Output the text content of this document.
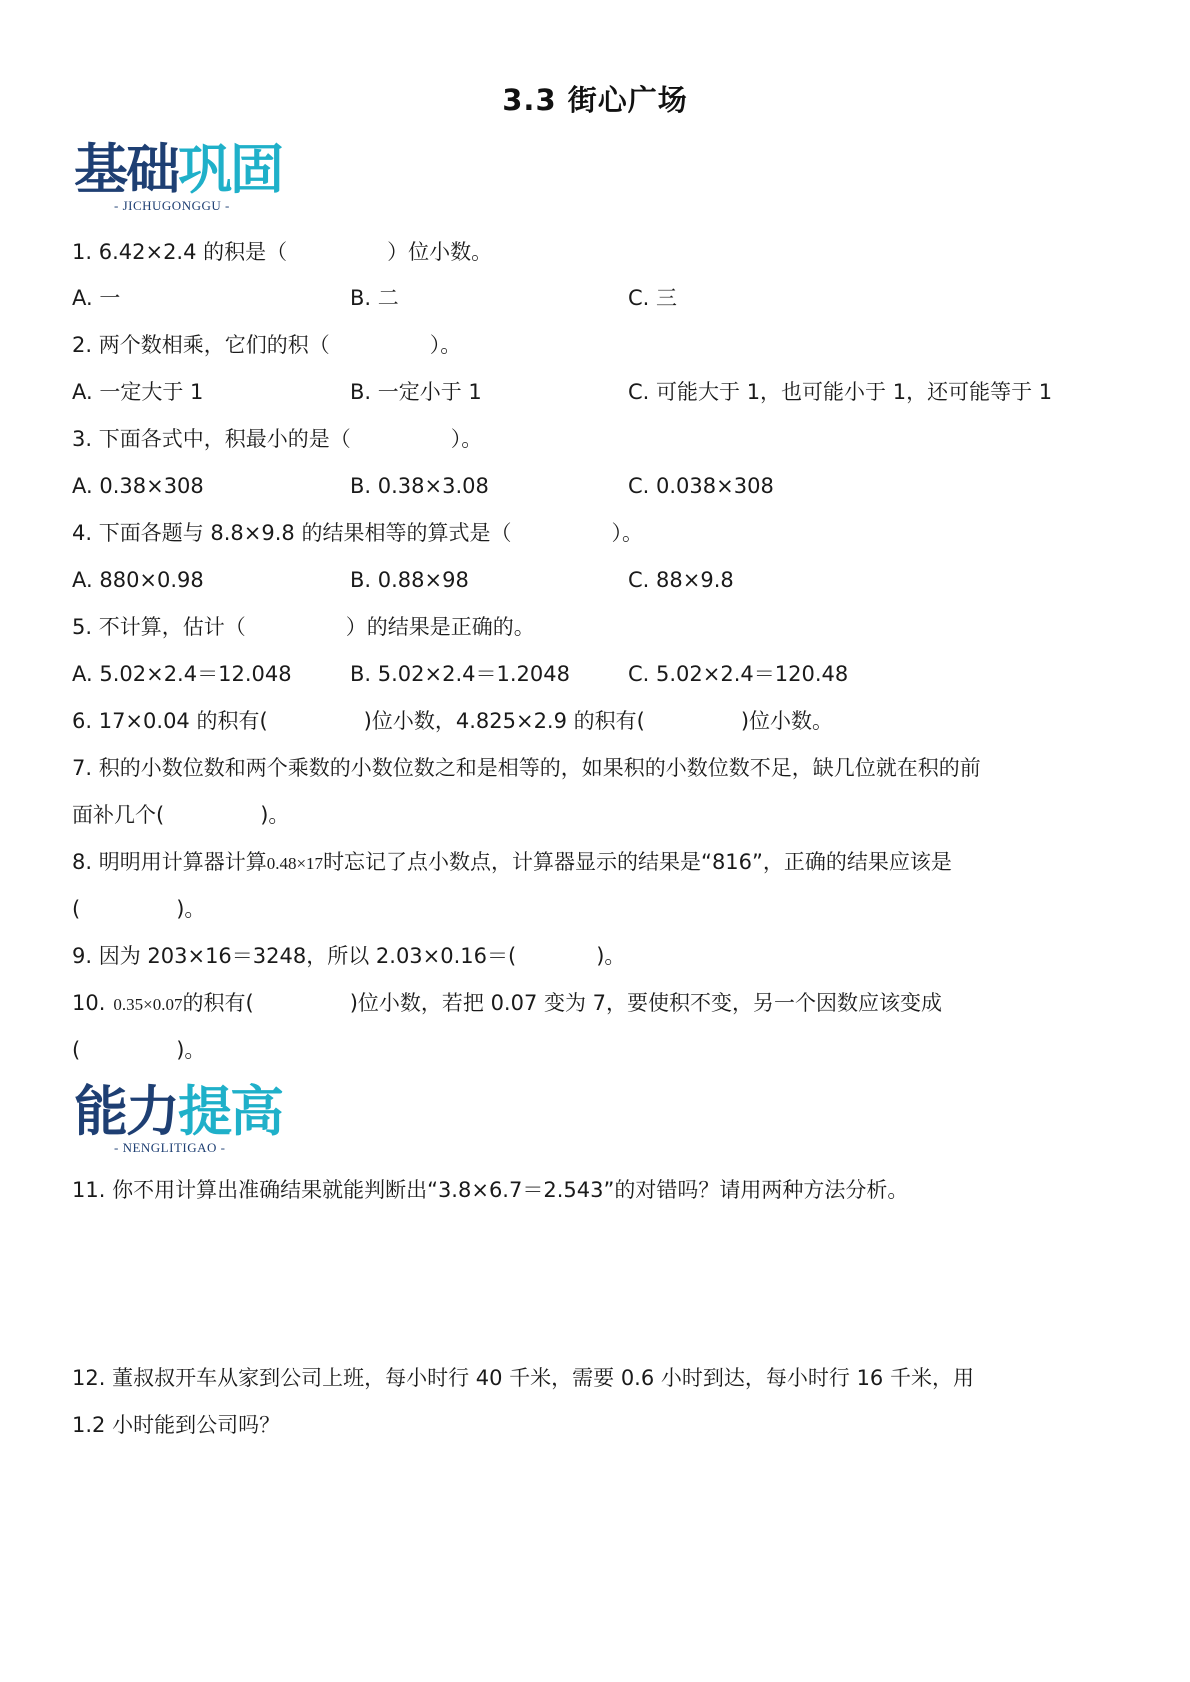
3.3 街心广场
基础巩固
- JICHUGONGGU -
1. 6.42×2.4 的积是（	）位小数。
A. 一	B. 二	C. 三
2. 两个数相乘，它们的积（	）。
A. 一定大于 1	B. 一定小于 1	C. 可能大于 1，也可能小于 1，还可能等于 1
3. 下面各式中，积最小的是（	）。
A. 0.38×308	B. 0.38×3.08	C. 0.038×308
4. 下面各题与 8.8×9.8 的结果相等的算式是（	）。
A. 880×0.98	B. 0.88×98	C. 88×9.8
5. 不计算，估计（	）的结果是正确的。
A. 5.02×2.4＝12.048	B. 5.02×2.4＝1.2048	C. 5.02×2.4＝120.48
6. 17×0.04 的积有(	)位小数，4.825×2.9 的积有(	)位小数。
7. 积的小数位数和两个乘数的小数位数之和是相等的，如果积的小数位数不足，缺几位就在积的前
面补几个(	)。
8. 明明用计算器计算0.48×17时忘记了点小数点，计算器显示的结果是“816”，正确的结果应该是
(	)。
9. 因为 203×16＝3248，所以 2.03×0.16＝(	)。
10. 0.35×0.07的积有(	)位小数，若把 0.07 变为 7，要使积不变，另一个因数应该变成
(	)。
能力提高
- NENGLITIGAO -
11. 你不用计算出准确结果就能判断出“3.8×6.7＝2.543”的对错吗？请用两种方法分析。
12. 董叔叔开车从家到公司上班，每小时行 40 千米，需要 0.6 小时到达，每小时行 16 千米，用
1.2 小时能到公司吗？
